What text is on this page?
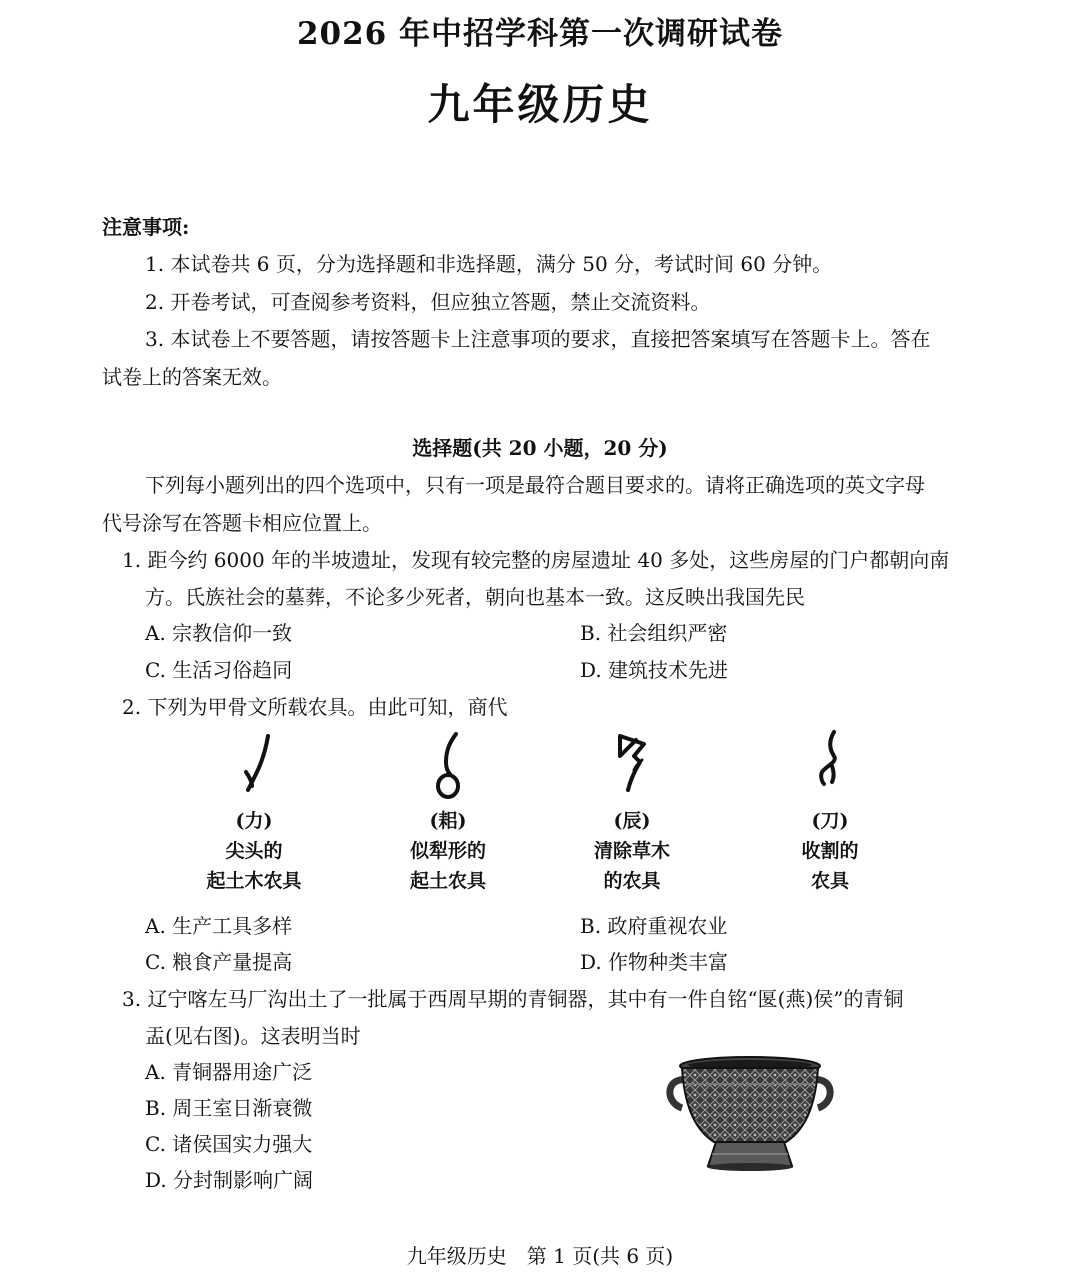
2026 年中招学科第一次调研试卷
九年级历史
注意事项:
1. 本试卷共 6 页，分为选择题和非选择题，满分 50 分，考试时间 60 分钟。
2. 开卷考试，可查阅参考资料，但应独立答题，禁止交流资料。
3. 本试卷上不要答题，请按答题卡上注意事项的要求，直接把答案填写在答题卡上。答在
试卷上的答案无效。
选择题(共 20 小题，20 分)
下列每小题列出的四个选项中，只有一项是最符合题目要求的。请将正确选项的英文字母
代号涂写在答题卡相应位置上。
1. 距今约 6000 年的半坡遗址，发现有较完整的房屋遗址 40 多处，这些房屋的门户都朝向南
方。氏族社会的墓葬，不论多少死者，朝向也基本一致。这反映出我国先民
A. 宗教信仰一致	B. 社会组织严密
C. 生活习俗趋同	D. 建筑技术先进
2. 下列为甲骨文所载农具。由此可知，商代
(力)
尖头的
起土木农具
(耜)
似犁形的
起土农具
(辰)
清除草木
的农具
(刀)
收割的
农具
A. 生产工具多样	B. 政府重视农业
C. 粮食产量提高	D. 作物种类丰富
3. 辽宁喀左马厂沟出土了一批属于西周早期的青铜器，其中有一件自铭“匽(燕)侯”的青铜
盂(见右图)。这表明当时
A. 青铜器用途广泛
B. 周王室日渐衰微
C. 诸侯国实力强大
D. 分封制影响广阔
九年级历史　第 1 页(共 6 页)
